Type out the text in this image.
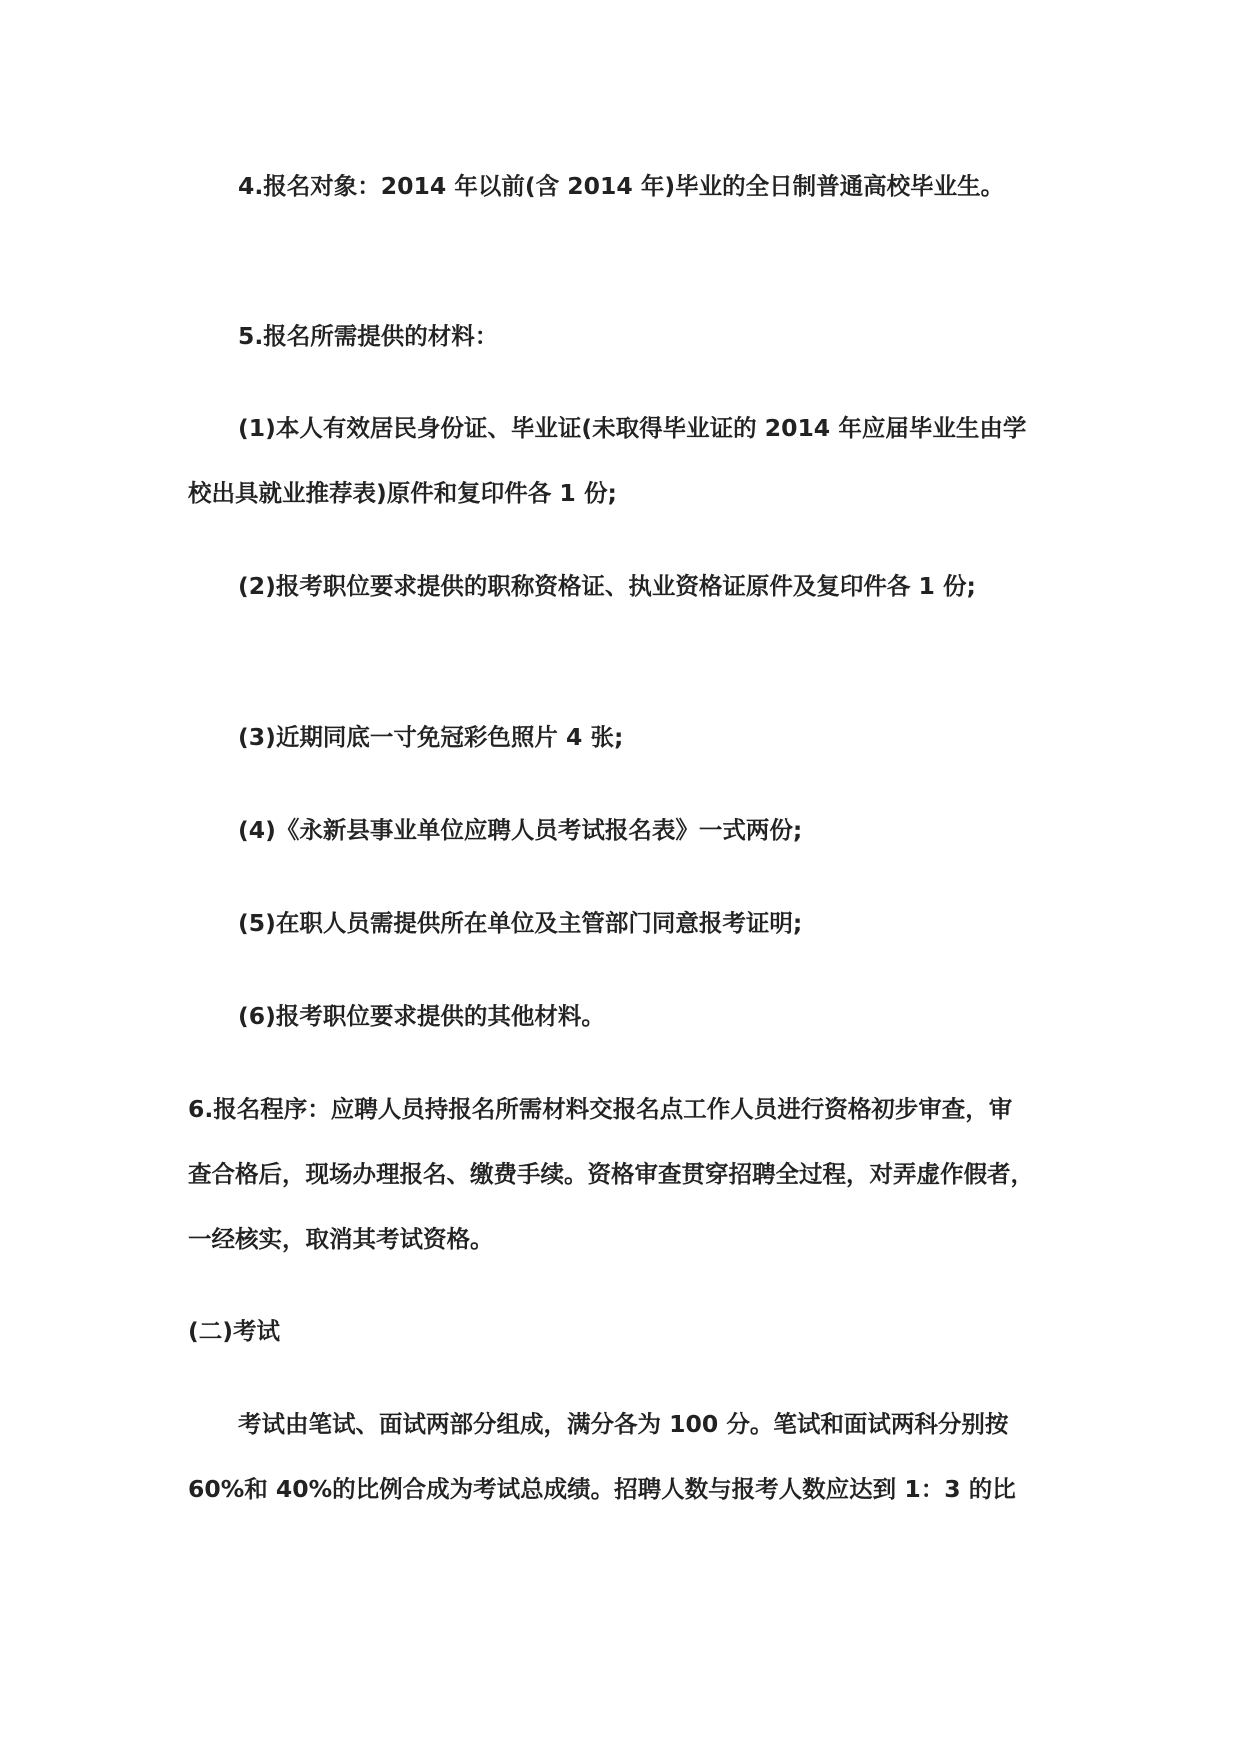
4.报名对象：2014 年以前(含 2014 年)毕业的全日制普通高校毕业生。
5.报名所需提供的材料：
(1)本人有效居民身份证、毕业证(未取得毕业证的 2014 年应届毕业生由学
校出具就业推荐表)原件和复印件各 1 份;
(2)报考职位要求提供的职称资格证、执业资格证原件及复印件各 1 份;
(3)近期同底一寸免冠彩色照片 4 张;
(4)《永新县事业单位应聘人员考试报名表》一式两份;
(5)在职人员需提供所在单位及主管部门同意报考证明;
(6)报考职位要求提供的其他材料。
6.报名程序：应聘人员持报名所需材料交报名点工作人员进行资格初步审查，审
查合格后，现场办理报名、缴费手续。资格审查贯穿招聘全过程，对弄虚作假者，
一经核实，取消其考试资格。
(二)考试
考试由笔试、面试两部分组成，满分各为 100 分。笔试和面试两科分别按
60%和 40%的比例合成为考试总成绩。招聘人数与报考人数应达到 1：3 的比
